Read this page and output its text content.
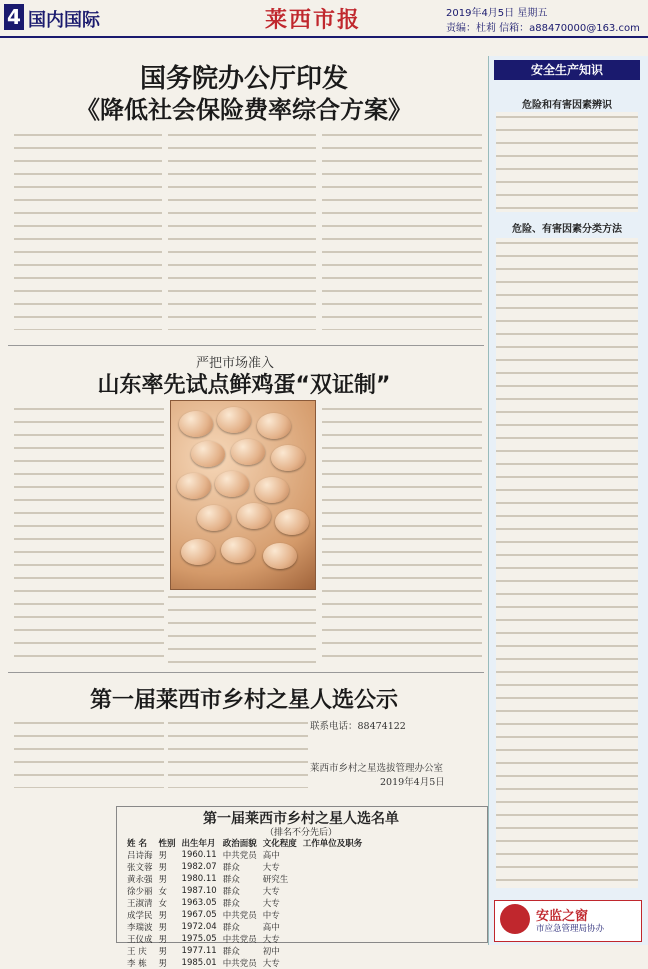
4 国内国际	莱西市报	2019年4月5日 星期五
责编：杜莉 信箱：a88470000@163.com
国务院办公厅印发
《降低社会保险费率综合方案》
严把市场准入
山东率先试点鲜鸡蛋“双证制”
第一届莱西市乡村之星人选公示
联系电话：88474122
莱西市乡村之星选拔管理办公室
2019年4月5日
第一届莱西市乡村之星人选名单
（排名不分先后）
姓 名	性别	出生年月	政治面貌	文化程度	工作单位及职务
吕诗海	男	1960.11	中共党员	高中	
张文蓉	男	1982.07	群众	大专	
黄永强	男	1980.11	群众	研究生	
徐少丽	女	1987.10	群众	大专	
王淑清	女	1963.05	群众	大专	
成学民	男	1967.05	中共党员	中专	
李瑞波	男	1972.04	群众	高中	
王仪成	男	1975.05	中共党员	大专	
王 庆	男	1977.11	群众	初中	
李 栋	男	1985.01	中共党员	大专	
安全生产知识
危险和有害因素辨识
危险、有害因素分类方法
安监之窗
市应急管理局协办
